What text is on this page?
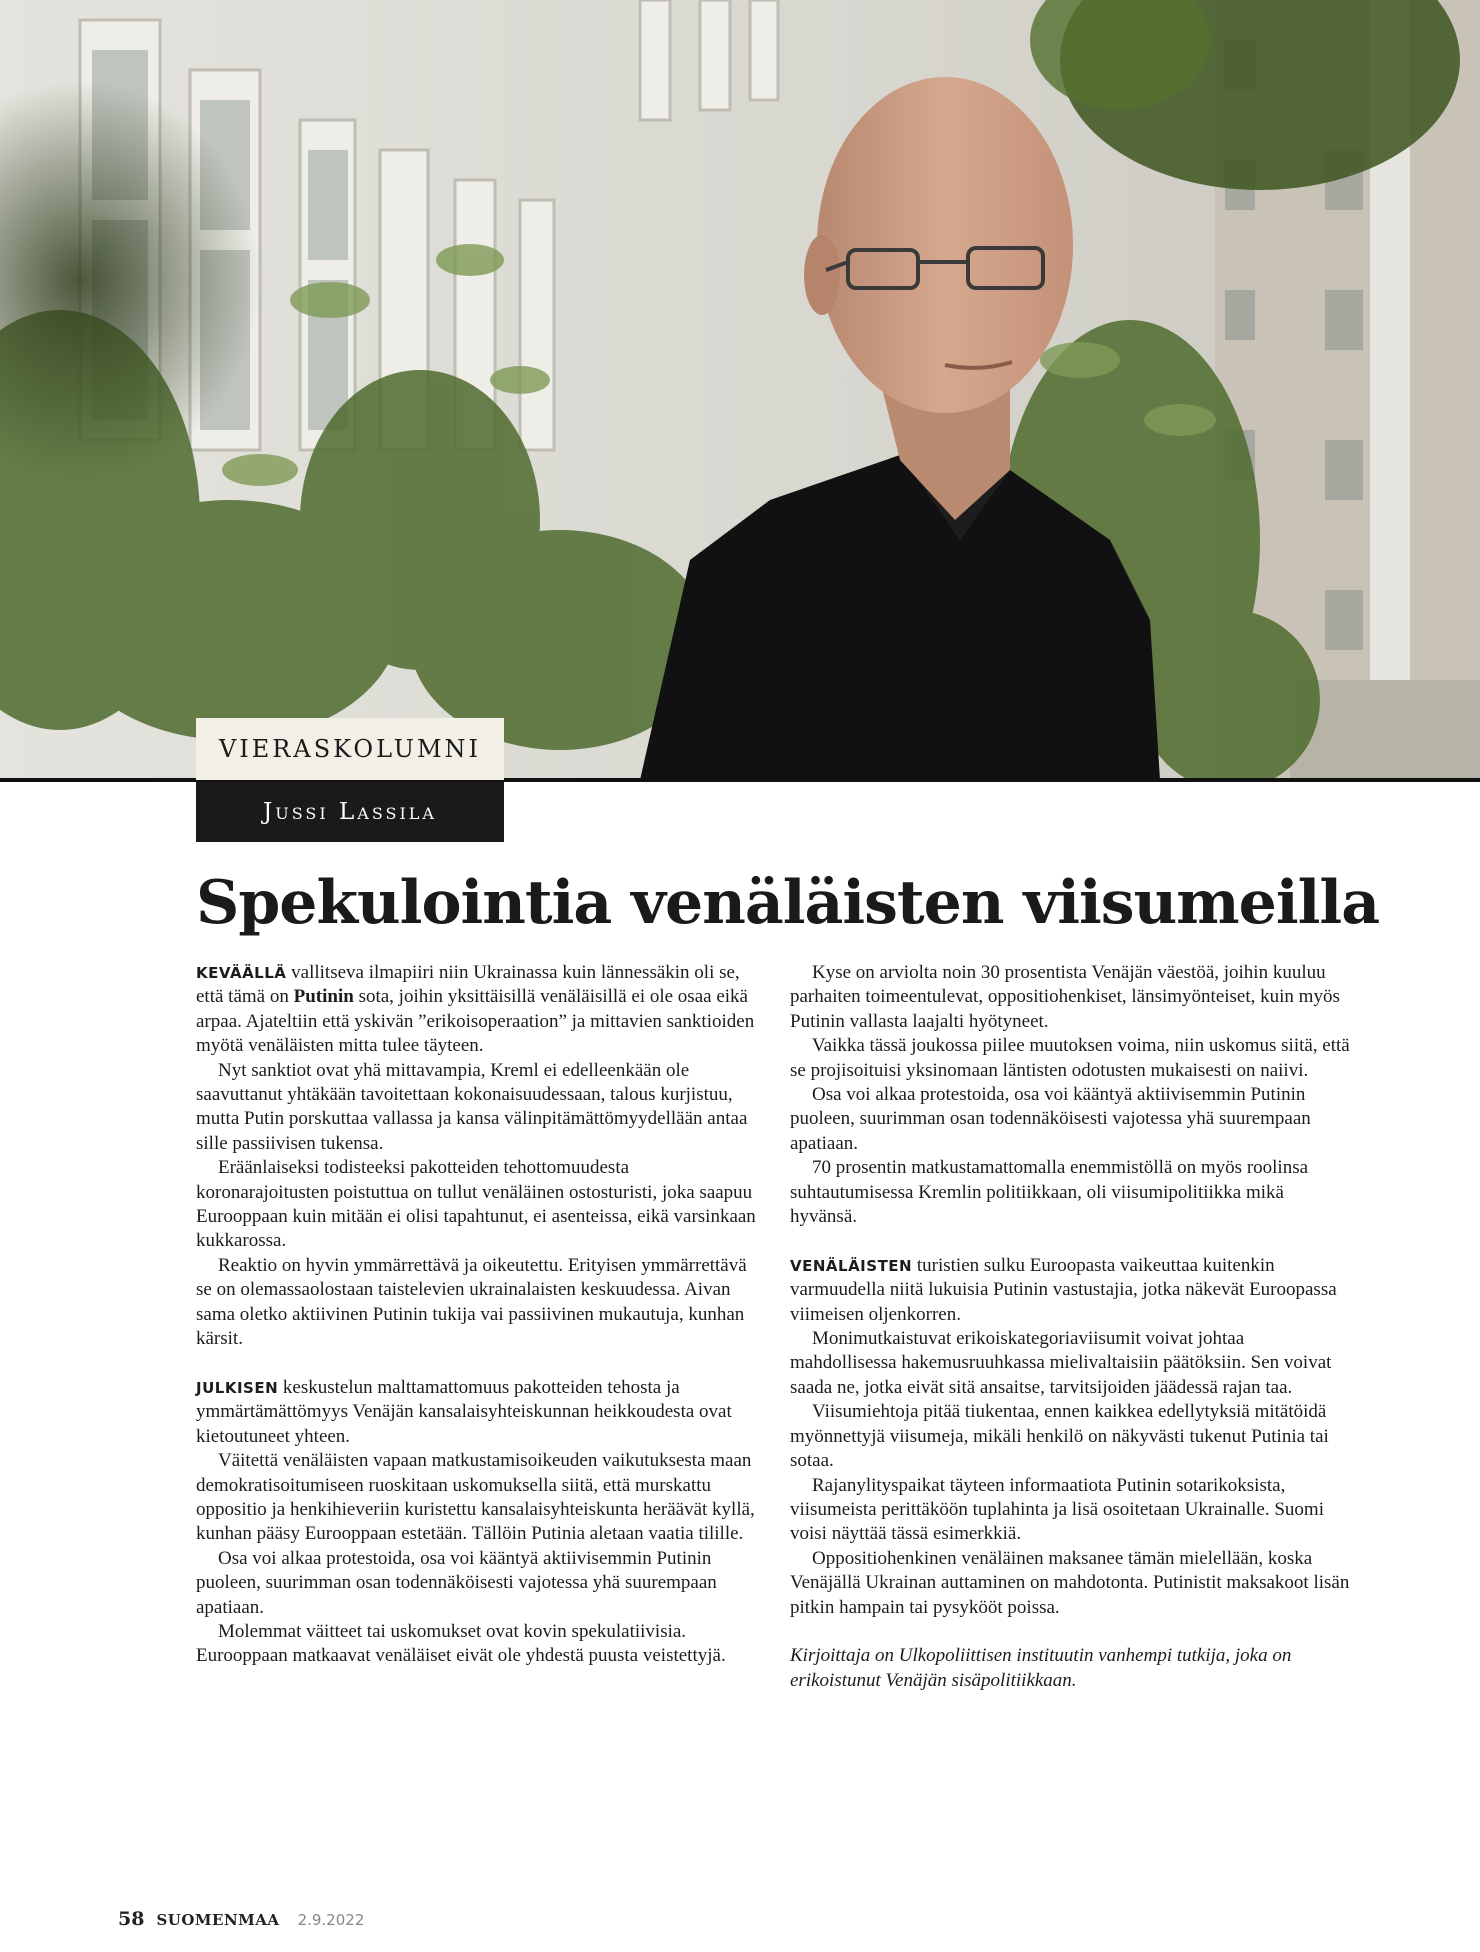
VIERASKOLUMNI
Jussi Lassila
Spekulointia venäläisten viisumeilla

KEVÄÄLLÄ vallitseva ilmapiiri niin Ukrainassa kuin lännessäkin oli se, että tämä on Putinin sota, joihin yksittäisillä venäläisillä ei ole osaa eikä arpaa. Ajateltiin että yskivän ”erikoisoperaation” ja mittavien sanktioiden myötä venäläisten mitta tulee täyteen.

Nyt sanktiot ovat yhä mittavampia, Kreml ei edelleenkään ole saavuttanut yhtäkään tavoitettaan kokonaisuudessaan, talous kurjistuu, mutta Putin porskuttaa vallassa ja kansa välinpitämättömyydellään antaa sille passiivisen tukensa.

Eräänlaiseksi todisteeksi pakotteiden tehottomuudesta koronarajoitusten poistuttua on tullut venäläinen ostosturisti, joka saapuu Eurooppaan kuin mitään ei olisi tapahtunut, ei asenteissa, eikä varsinkaan kukkarossa.

Reaktio on hyvin ymmärrettävä ja oikeutettu. Erityisen ymmärrettävä se on olemassaolostaan taistelevien ukrainalaisten keskuudessa. Aivan sama oletko aktiivinen Putinin tukija vai passiivinen mukautuja, kunhan kärsit.

JULKISEN keskustelun malttamattomuus pakotteiden tehosta ja ymmärtämättömyys Venäjän kansalaisyhteiskunnan heikkoudesta ovat kietoutuneet yhteen.

Väitettä venäläisten vapaan matkustamisoikeuden vaikutuksesta maan demokratisoitumiseen ruoskitaan uskomuksella siitä, että murskattu oppositio ja henkihieveriin kuristettu kansalaisyhteiskunta heräävät kyllä, kunhan pääsy Eurooppaan estetään. Tällöin Putinia aletaan vaatia tilille.

Osa voi alkaa protestoida, osa voi kääntyä aktiivisemmin Putinin puoleen, suurimman osan todennäköisesti vajotessa yhä suurempaan apatiaan.

Molemmat väitteet tai uskomukset ovat kovin spekulatiivisia. Eurooppaan matkaavat venäläiset eivät ole yhdestä puusta veistettyjä.

Kyse on arviolta noin 30 prosentista Venäjän väestöä, joihin kuuluu parhaiten toimeentulevat, oppositiohenkiset, länsimyönteiset, kuin myös Putinin vallasta laajalti hyötyneet.

Vaikka tässä joukossa piilee muutoksen voima, niin uskomus siitä, että se projisoituisi yksinomaan läntisten odotusten mukaisesti on naiivi.

Osa voi alkaa protestoida, osa voi kääntyä aktiivisemmin Putinin puoleen, suurimman osan todennäköisesti vajotessa yhä suurempaan apatiaan.

70 prosentin matkustamattomalla enemmistöllä on myös roolinsa suhtautumisessa Kremlin politiikkaan, oli viisumipolitiikka mikä hyvänsä.

VENÄLÄISTEN turistien sulku Euroopasta vaikeuttaa kuitenkin varmuudella niitä lukuisia Putinin vastustajia, jotka näkevät Euroopassa viimeisen oljenkorren.

Monimutkaistuvat erikoiskategoriaviisumit voivat johtaa mahdollisessa hakemusruuhkassa mielivaltaisiin päätöksiin. Sen voivat saada ne, jotka eivät sitä ansaitse, tarvitsijoiden jäädessä rajan taa.

Viisumiehtoja pitää tiukentaa, ennen kaikkea edellytyksiä mitätöidä myönnettyjä viisumeja, mikäli henkilö on näkyvästi tukenut Putinia tai sotaa.

Rajanylityspaikat täyteen informaatiota Putinin sotarikoksista, viisumeista perittäköön tuplahinta ja lisä osoitetaan Ukrainalle. Suomi voisi näyttää tässä esimerkkiä.

Oppositiohenkinen venäläinen maksanee tämän mielellään, koska Venäjällä Ukrainan auttaminen on mahdotonta. Putinistit maksakoot lisän pitkin hampain tai pysykööt poissa.

Kirjoittaja on Ulkopoliittisen instituutin vanhempi tutkija, joka on erikoistunut Venäjän sisäpolitiikkaan.

58 SUOMENMAA 2.9.2022
